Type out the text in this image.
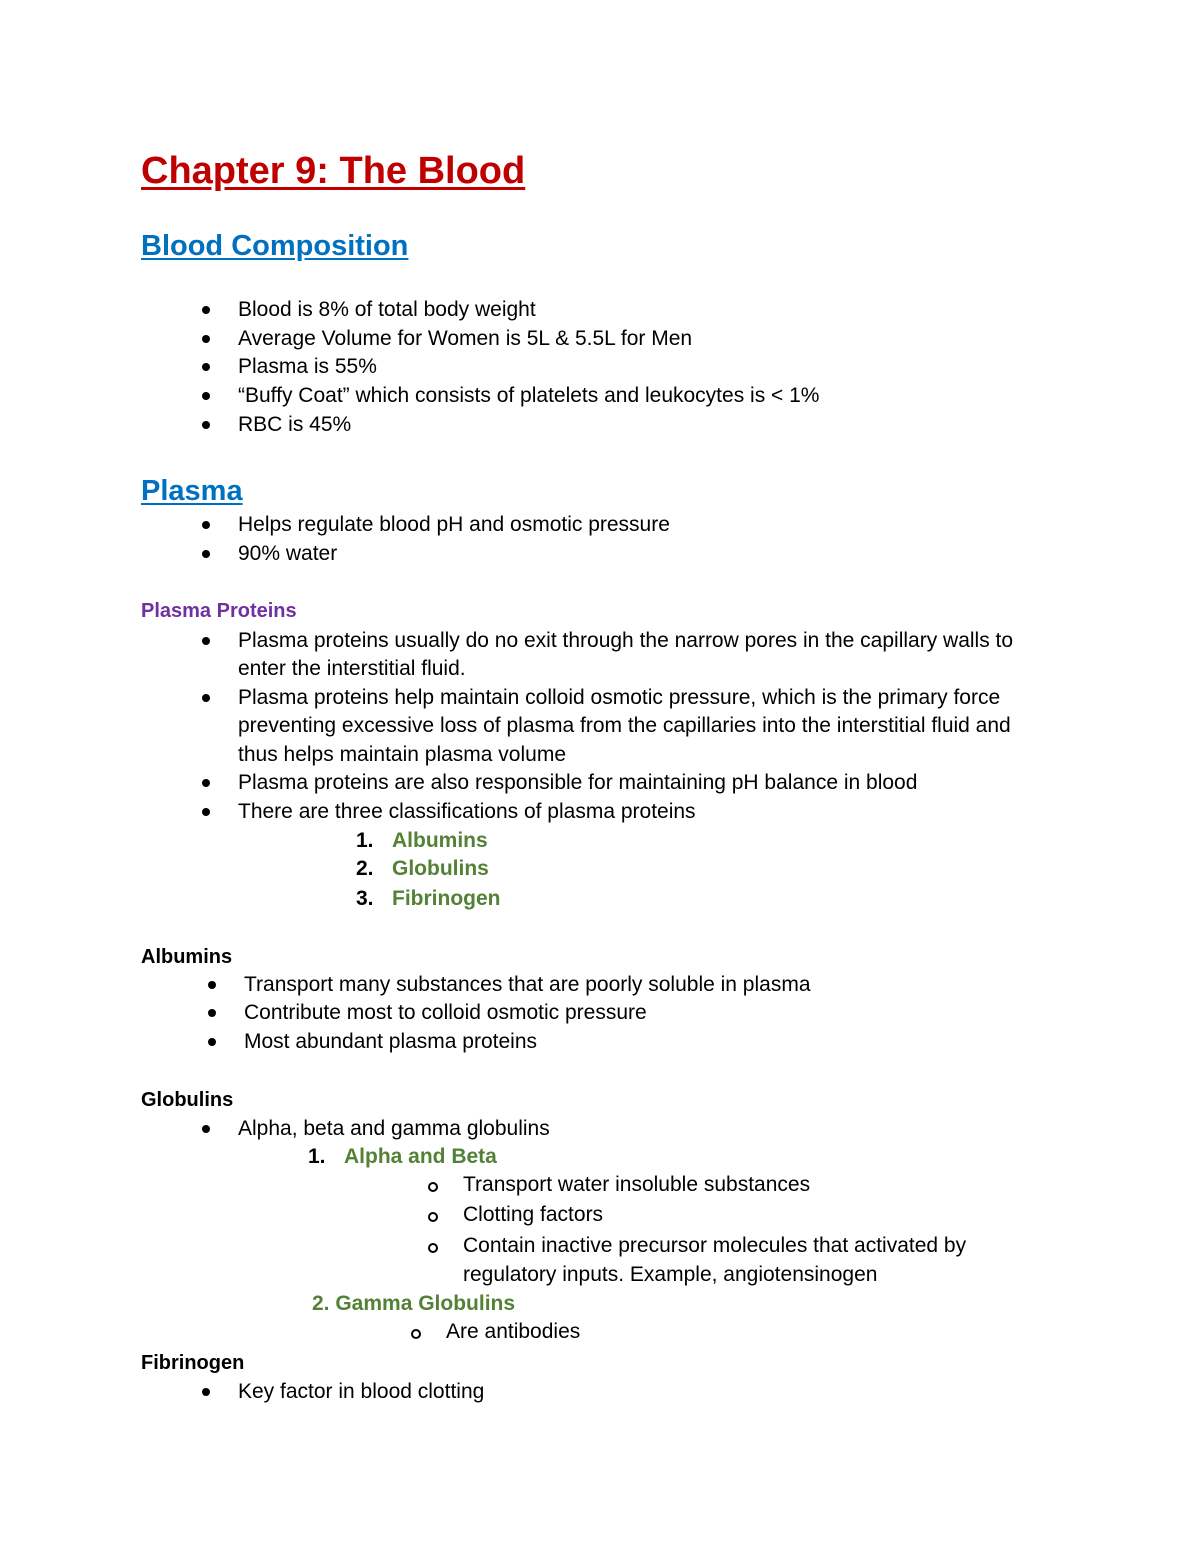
Chapter 9: The Blood
Blood Composition
Blood is 8% of total body weight
Average Volume for Women is 5L & 5.5L for Men
Plasma is 55%
“Buffy Coat” which consists of platelets and leukocytes is < 1%
RBC is 45%
Plasma
Helps regulate blood pH and osmotic pressure
90% water
Plasma Proteins
Plasma proteins usually do no exit through the narrow pores in the capillary walls to
enter the interstitial fluid.
Plasma proteins help maintain colloid osmotic pressure, which is the primary force
preventing excessive loss of plasma from the capillaries into the interstitial fluid and
thus helps maintain plasma volume
Plasma proteins are also responsible for maintaining pH balance in blood
There are three classifications of plasma proteins
1. Albumins
2. Globulins
3. Fibrinogen
Albumins
Transport many substances that are poorly soluble in plasma
Contribute most to colloid osmotic pressure
Most abundant plasma proteins
Globulins
Alpha, beta and gamma globulins
1. Alpha and Beta
Transport water insoluble substances
Clotting factors
Contain inactive precursor molecules that activated by
regulatory inputs. Example, angiotensinogen
2. Gamma Globulins
Are antibodies
Fibrinogen
Key factor in blood clotting
